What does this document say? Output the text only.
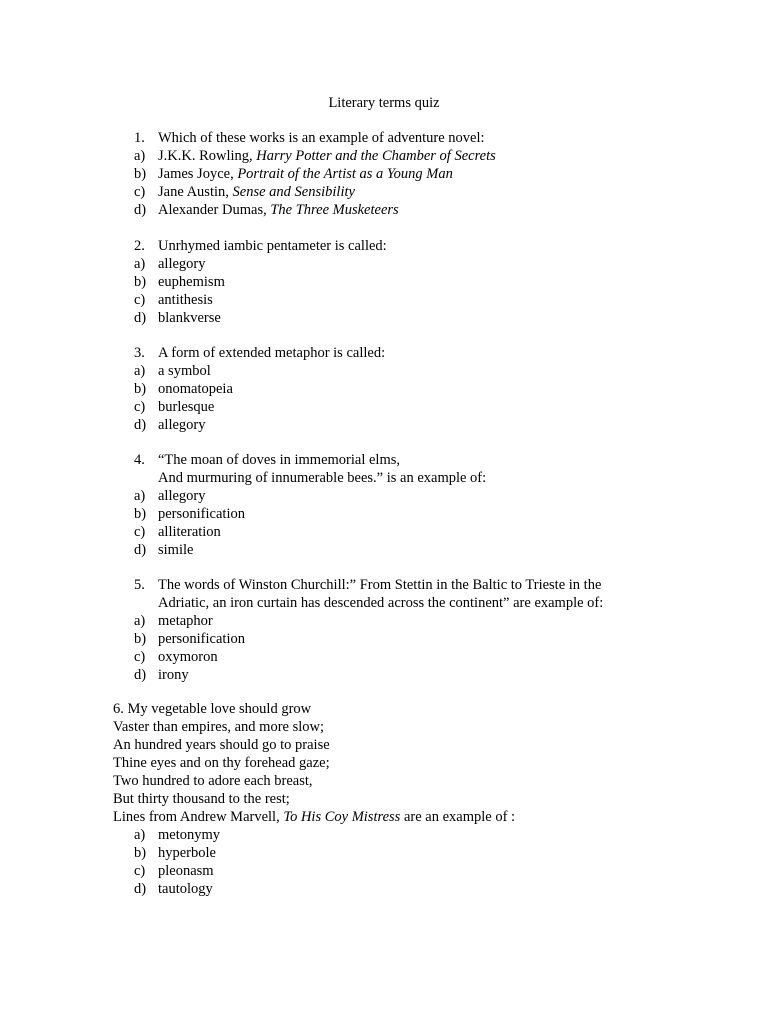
Literary terms quiz
1. Which of these works is an example of adventure novel:
a) J.K.K. Rowling, Harry Potter and the Chamber of Secrets
b) James Joyce, Portrait of the Artist as a Young Man
c) Jane Austin, Sense and Sensibility
d) Alexander Dumas, The Three Musketeers
2. Unrhymed iambic pentameter is called:
a) allegory
b) euphemism
c) antithesis
d) blankverse
3. A form of extended metaphor is called:
a) a symbol
b) onomatopeia
c) burlesque
d) allegory
4. “The moan of doves in immemorial elms,
And murmuring of innumerable bees.” is an example of:
a) allegory
b) personification
c) alliteration
d) simile
5. The words of Winston Churchill:” From Stettin in the Baltic to Trieste in the
Adriatic, an iron curtain has descended across the continent” are example of:
a) metaphor
b) personification
c) oxymoron
d) irony
6. My vegetable love should grow
Vaster than empires, and more slow;
An hundred years should go to praise
Thine eyes and on thy forehead gaze;
Two hundred to adore each breast,
But thirty thousand to the rest;
Lines from Andrew Marvell, To His Coy Mistress are an example of :
a) metonymy
b) hyperbole
c) pleonasm
d) tautology
